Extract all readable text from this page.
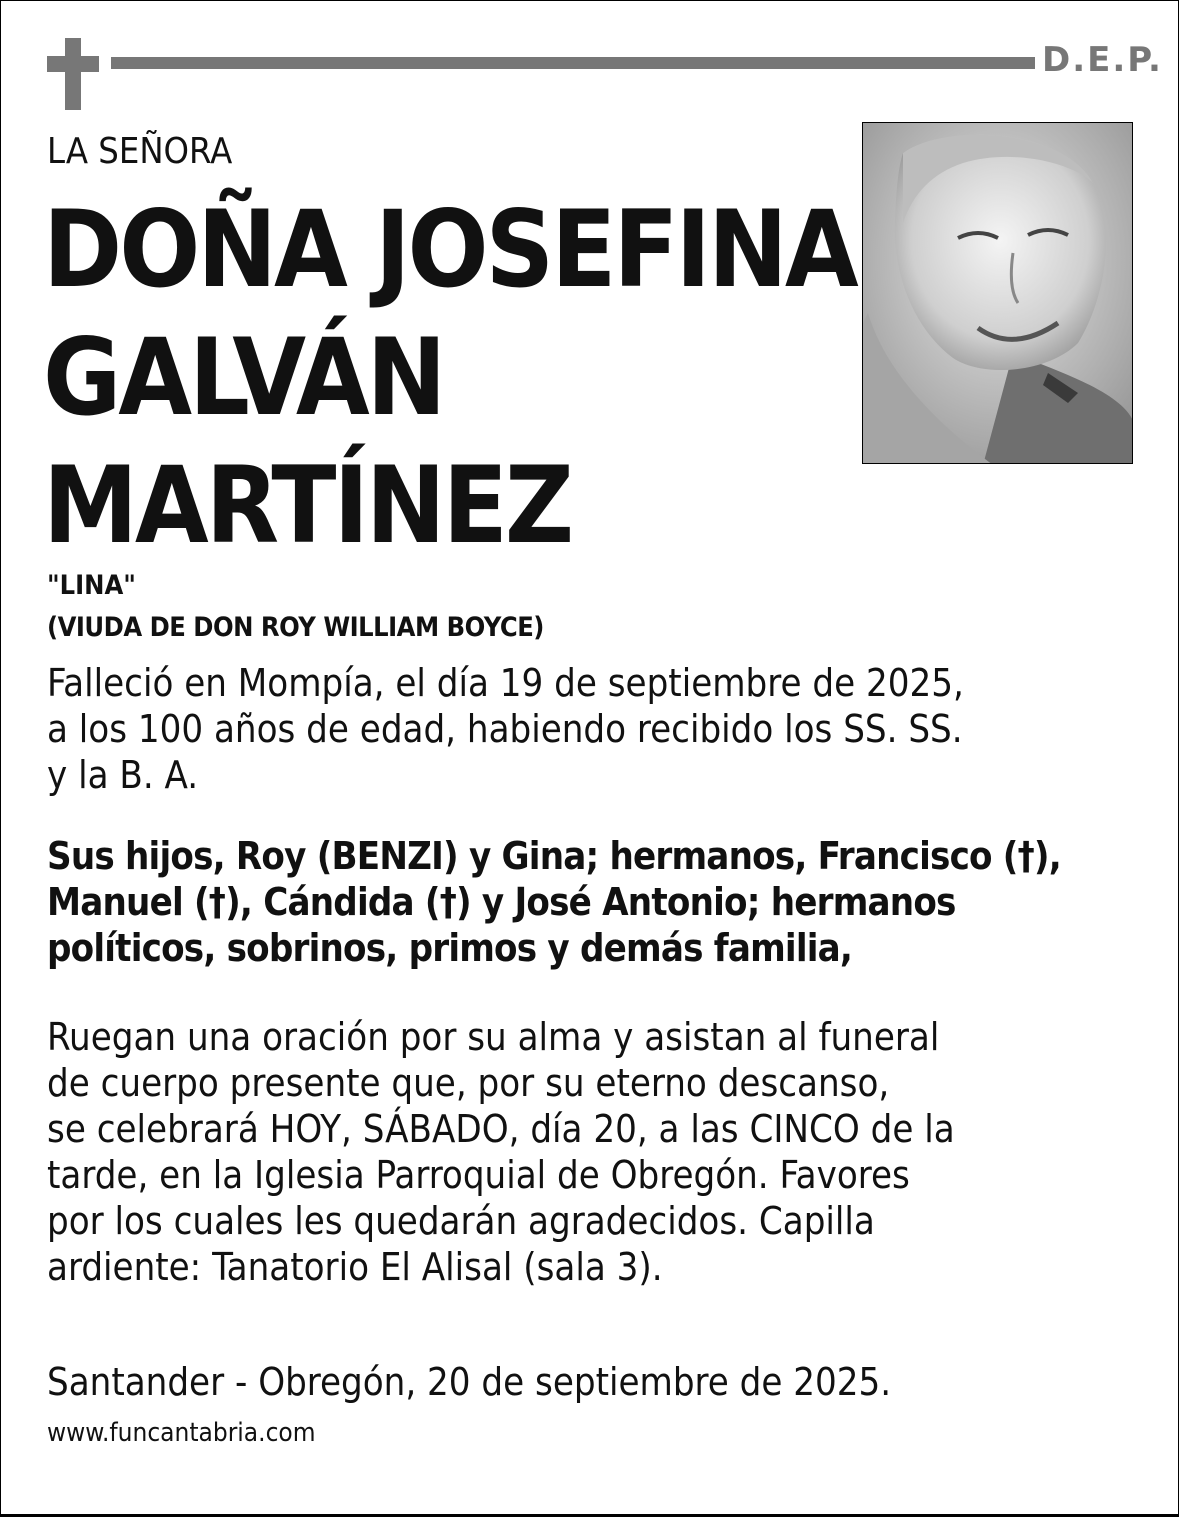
D.E.P.
LA SEÑORA
DOÑA JOSEFINA
GALVÁN
MARTÍNEZ
"LINA"
(VIUDA DE DON ROY WILLIAM BOYCE)
Falleció en Mompía, el día 19 de septiembre de 2025,
a los 100 años de edad, habiendo recibido los SS. SS.
y la B. A.
Sus hijos, Roy (BENZI) y Gina; hermanos, Francisco (†),
Manuel (†), Cándida (†) y José Antonio; hermanos
políticos, sobrinos, primos y demás familia,
Ruegan una oración por su alma y asistan al funeral
de cuerpo presente que, por su eterno descanso,
se celebrará HOY, SÁBADO, día 20, a las CINCO de la
tarde, en la Iglesia Parroquial de Obregón. Favores
por los cuales les quedarán agradecidos. Capilla
ardiente: Tanatorio El Alisal (sala 3).
Santander - Obregón, 20 de septiembre de 2025.
www.funcantabria.com
